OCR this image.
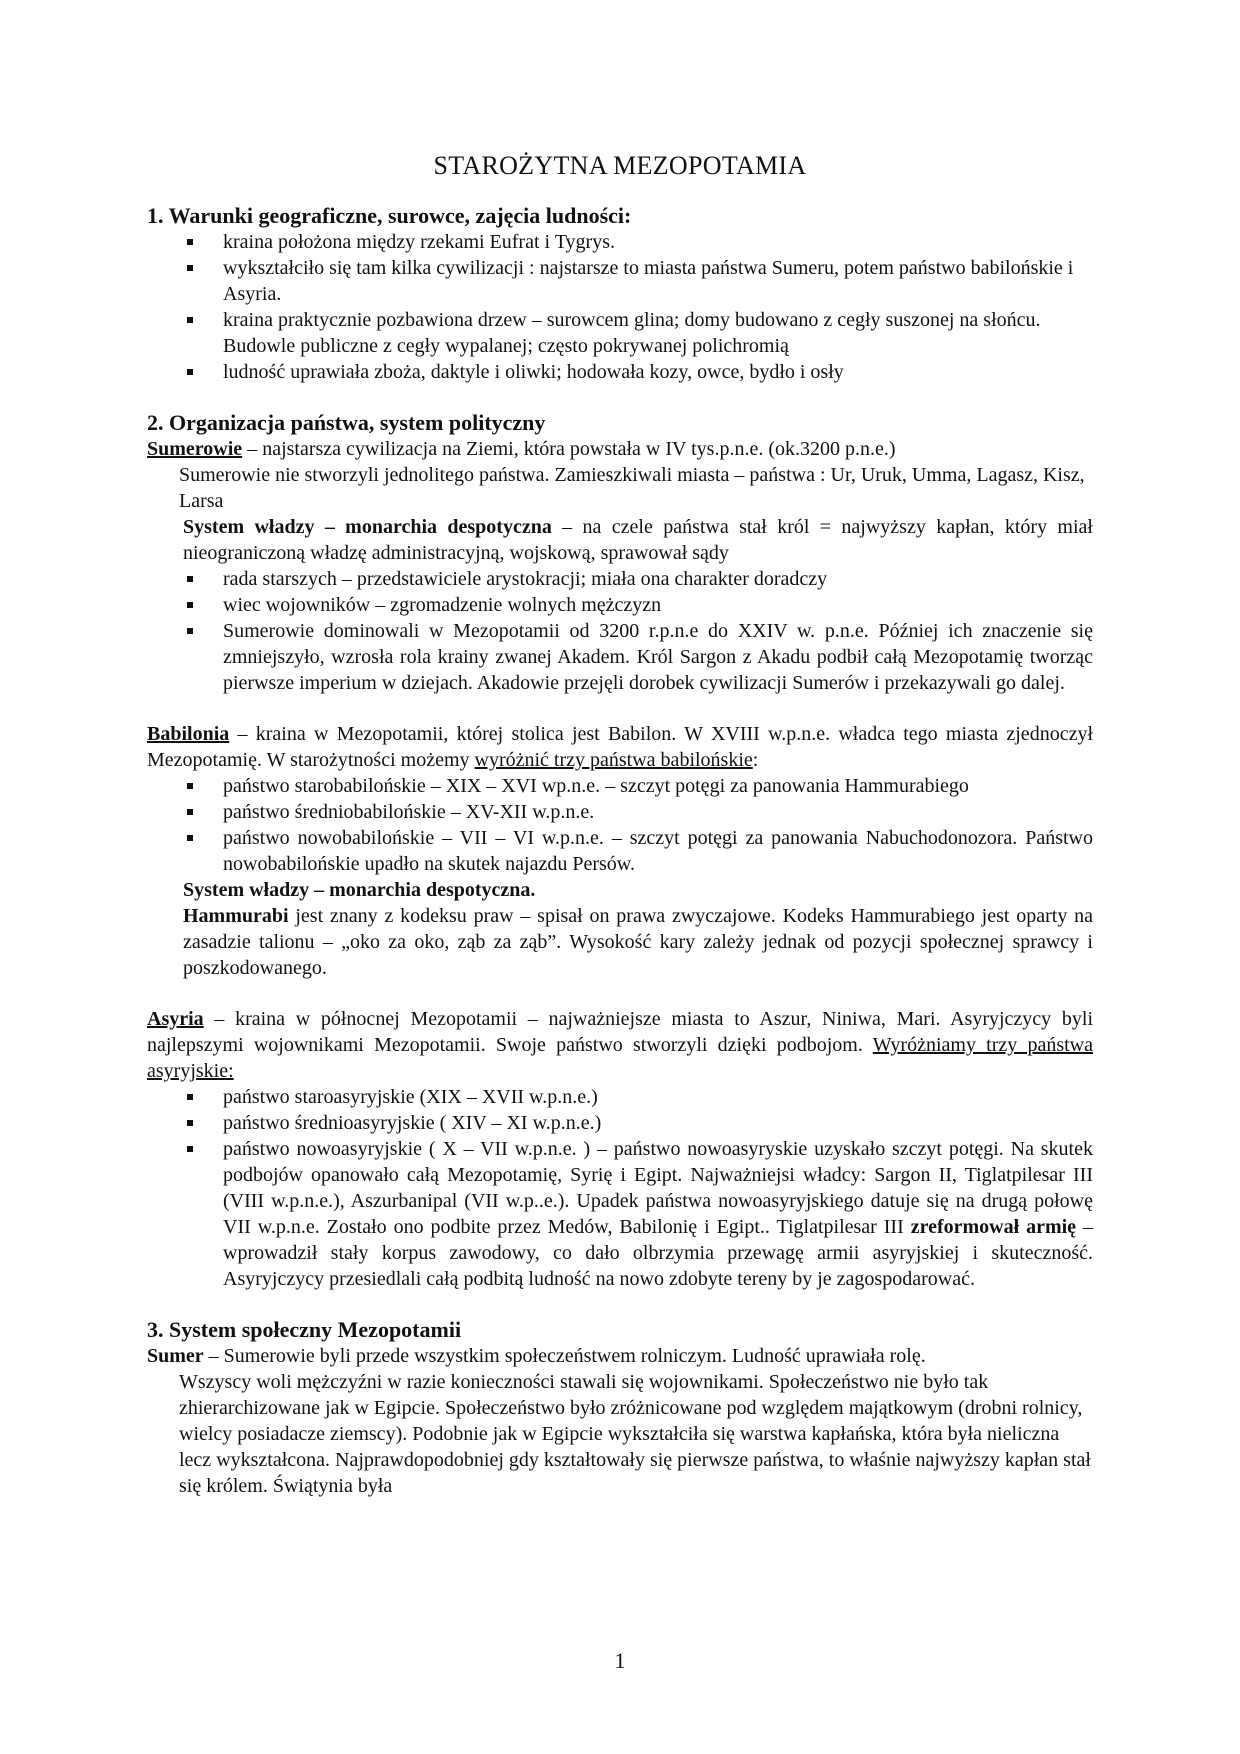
STAROŻYTNA MEZOPOTAMIA

1. Warunki geograficzne, surowce, zajęcia ludności:

kraina położona między rzekami Eufrat i Tygrys.
wykształciło się tam kilka cywilizacji : najstarsze to miasta państwa Sumeru, potem państwo babilońskie i Asyria.
kraina praktycznie pozbawiona drzew – surowcem glina; domy budowano z cegły suszonej na słońcu. Budowle publiczne z cegły wypalanej; często pokrywanej polichromią
ludność uprawiała zboża, daktyle i oliwki; hodowała kozy, owce, bydło i osły

2. Organizacja państwa, system polityczny

Sumerowie – najstarsza cywilizacja na Ziemi, która powstała w IV tys.p.n.e. (ok.3200 p.n.e.)

Sumerowie nie stworzyli jednolitego państwa. Zamieszkiwali miasta – państwa : Ur, Uruk, Umma, Lagasz, Kisz, Larsa

System władzy – monarchia despotyczna – na czele państwa stał król = najwyższy kapłan, który miał nieograniczoną władzę administracyjną, wojskową, sprawował sądy

rada starszych – przedstawiciele arystokracji; miała ona charakter doradczy
wiec wojowników – zgromadzenie wolnych mężczyzn
Sumerowie dominowali w Mezopotamii od 3200 r.p.n.e do XXIV w. p.n.e. Później ich znaczenie się zmniejszyło, wzrosła rola krainy zwanej Akadem. Król Sargon z Akadu podbił całą Mezopotamię tworząc pierwsze imperium w dziejach. Akadowie przejęli dorobek cywilizacji Sumerów i przekazywali go dalej.

Babilonia – kraina w Mezopotamii, której stolica jest Babilon. W XVIII w.p.n.e. władca tego miasta zjednoczył Mezopotamię. W starożytności możemy wyróżnić trzy państwa babilońskie:

państwo starobabilońskie – XIX – XVI wp.n.e. – szczyt potęgi za panowania Hammurabiego
państwo średniobabilońskie – XV-XII w.p.n.e.
państwo nowobabilońskie – VII – VI w.p.n.e. – szczyt potęgi za panowania Nabuchodonozora. Państwo nowobabilońskie upadło na skutek najazdu Persów.

System władzy – monarchia despotyczna.

Hammurabi jest znany z kodeksu praw – spisał on prawa zwyczajowe. Kodeks Hammurabiego jest oparty na zasadzie talionu – „oko za oko, ząb za ząb”. Wysokość kary zależy jednak od pozycji społecznej sprawcy i poszkodowanego.

Asyria – kraina w północnej Mezopotamii – najważniejsze miasta to Aszur, Niniwa, Mari. Asyryjczycy byli najlepszymi wojownikami Mezopotamii. Swoje państwo stworzyli dzięki podbojom. Wyróżniamy trzy państwa asyryjskie:

państwo staroasyryjskie (XIX – XVII w.p.n.e.)
państwo średnioasyryjskie ( XIV – XI w.p.n.e.)
państwo nowoasyryjskie ( X – VII w.p.n.e. ) – państwo nowoasyryskie uzyskało szczyt potęgi. Na skutek podbojów opanowało całą Mezopotamię, Syrię i Egipt. Najważniejsi władcy: Sargon II, Tiglatpilesar III (VIII w.p.n.e.), Aszurbanipal (VII w.p..e.). Upadek państwa nowoasyryjskiego datuje się na drugą połowę VII w.p.n.e. Zostało ono podbite przez Medów, Babilonię i Egipt.. Tiglatpilesar III zreformował armię – wprowadził stały korpus zawodowy, co dało olbrzymia przewagę armii asyryjskiej i skuteczność. Asyryjczycy przesiedlali całą podbitą ludność na nowo zdobyte tereny by je zagospodarować.

3. System społeczny Mezopotamii

Sumer – Sumerowie byli przede wszystkim społeczeństwem rolniczym. Ludność uprawiała rolę.

Wszyscy woli mężczyźni w razie konieczności stawali się wojownikami. Społeczeństwo nie było tak zhierarchizowane jak w Egipcie. Społeczeństwo było zróżnicowane pod względem majątkowym (drobni rolnicy, wielcy posiadacze ziemscy). Podobnie jak w Egipcie wykształciła się warstwa kapłańska, która była nieliczna lecz wykształcona. Najprawdopodobniej gdy kształtowały się pierwsze państwa, to właśnie najwyższy kapłan stał się królem. Świątynia była

1
